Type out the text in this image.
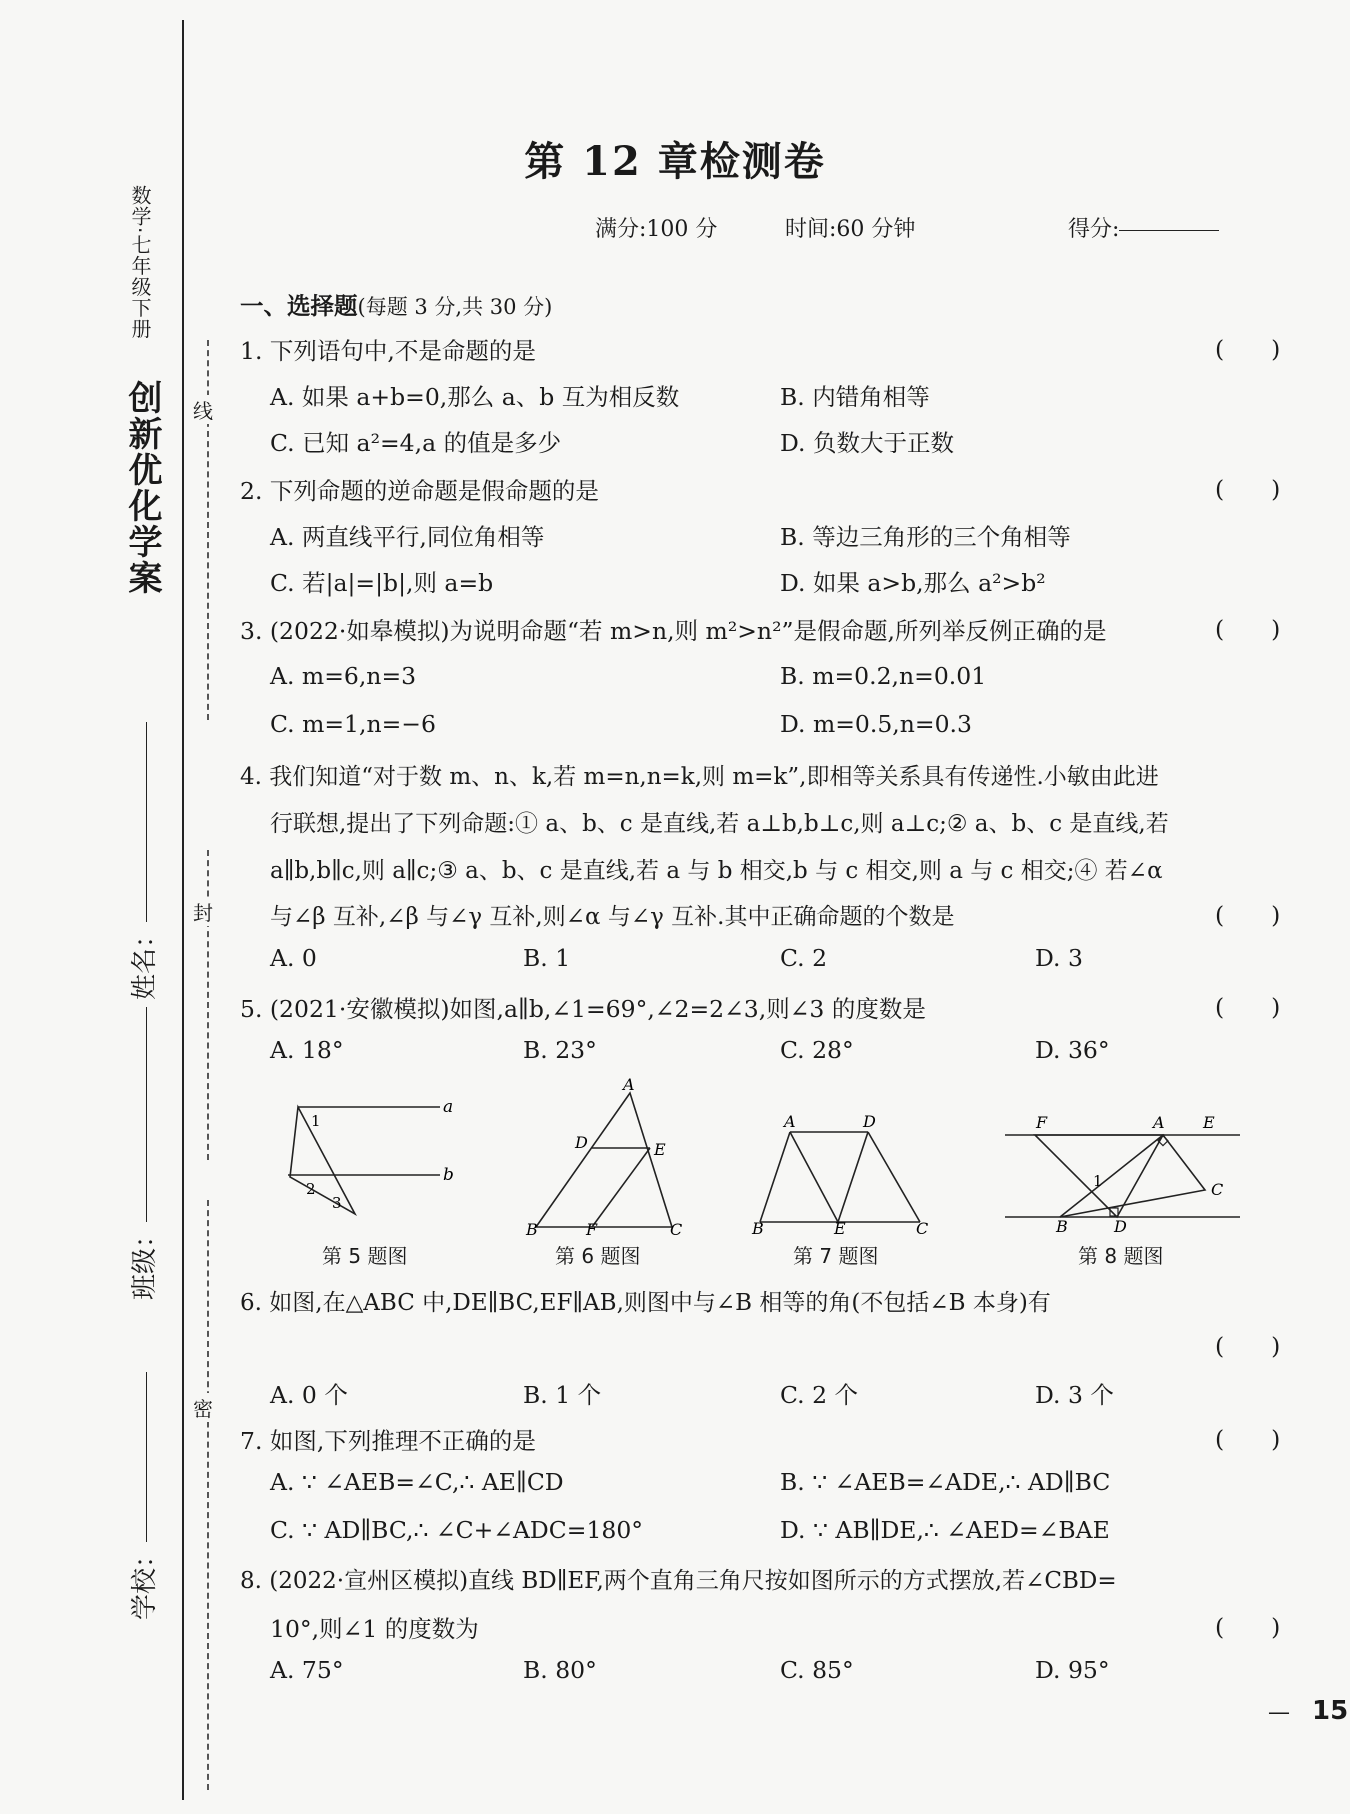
创新优化学案
数学·七年级下册
线
封
密
姓名：
班级：
学校：
第 12 章检测卷
满分:100 分	时间:60 分钟	得分:
一、选择题(每题 3 分,共 30 分)
1. 下列语句中,不是命题的是	(　　)
A. 如果 a+b=0,那么 a、b 互为相反数	B. 内错角相等
C. 已知 a²=4,a 的值是多少	D. 负数大于正数
2. 下列命题的逆命题是假命题的是	(　　)
A. 两直线平行,同位角相等	B. 等边三角形的三个角相等
C. 若|a|=|b|,则 a=b	D. 如果 a>b,那么 a²>b²
3. (2022·如皋模拟)为说明命题“若 m>n,则 m²>n²”是假命题,所列举反例正确的是	(　　)
A. m=6,n=3	B. m=0.2,n=0.01
C. m=1,n=−6	D. m=0.5,n=0.3
4. 我们知道“对于数 m、n、k,若 m=n,n=k,则 m=k”,即相等关系具有传递性.小敏由此进
行联想,提出了下列命题:① a、b、c 是直线,若 a⊥b,b⊥c,则 a⊥c;② a、b、c 是直线,若
a∥b,b∥c,则 a∥c;③ a、b、c 是直线,若 a 与 b 相交,b 与 c 相交,则 a 与 c 相交;④ 若∠α
与∠β 互补,∠β 与∠γ 互补,则∠α 与∠γ 互补.其中正确命题的个数是	(　　)
A. 0	B. 1	C. 2	D. 3
5. (2021·安徽模拟)如图,a∥b,∠1=69°,∠2=2∠3,则∠3 的度数是	(　　)
A. 18°	B. 23°	C. 28°	D. 36°
a
b
1
2
3
第 5 题图
A
D	E
B	F	C
第 6 题图
A	D
B	E	C
第 7 题图
F	A E
1	C
B	D
第 8 题图
6. 如图,在△ABC 中,DE∥BC,EF∥AB,则图中与∠B 相等的角(不包括∠B 本身)有
(　　)
A. 0 个	B. 1 个	C. 2 个	D. 3 个
7. 如图,下列推理不正确的是	(　　)
A. ∵ ∠AEB=∠C,∴ AE∥CD	B. ∵ ∠AEB=∠ADE,∴ AD∥BC
C. ∵ AD∥BC,∴ ∠C+∠ADC=180°	D. ∵ AB∥DE,∴ ∠AED=∠BAE
8. (2022·宣州区模拟)直线 BD∥EF,两个直角三角尺按如图所示的方式摆放,若∠CBD=
10°,则∠1 的度数为	(　　)
A. 75°	B. 80°	C. 85°	D. 95°
— 15
